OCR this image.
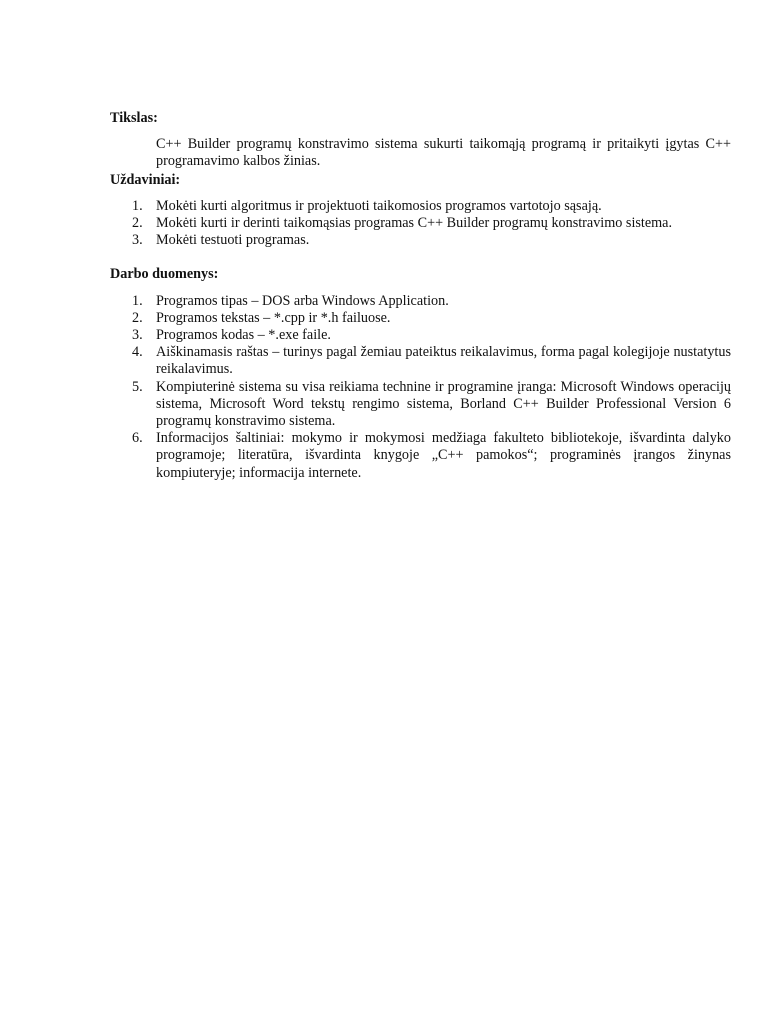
Tikslas:

C++ Builder programų konstravimo sistema sukurti taikomąją programą ir pritaikyti įgytas C++ programavimo kalbos žinias.

Uždaviniai:

1. Mokėti kurti algoritmus ir projektuoti taikomosios programos vartotojo sąsają.
2. Mokėti kurti ir derinti taikomąsias programas C++ Builder programų konstravimo sistema.
3. Mokėti testuoti programas.

Darbo duomenys:

1. Programos tipas – DOS arba Windows Application.
2. Programos tekstas – *.cpp ir *.h failuose.
3. Programos kodas – *.exe faile.
4. Aiškinamasis raštas – turinys pagal žemiau pateiktus reikalavimus, forma pagal kolegijoje nustatytus reikalavimus.
5. Kompiuterinė sistema su visa reikiama technine ir programine įranga: Microsoft Windows operacijų sistema, Microsoft Word tekstų rengimo sistema, Borland C++ Builder Professional Version 6 programų konstravimo sistema.
6. Informacijos šaltiniai: mokymo ir mokymosi medžiaga fakulteto bibliotekoje, išvardinta dalyko programoje; literatūra, išvardinta knygoje „C++ pamokos“; programinės įrangos žinynas kompiuteryje; informacija internete.
